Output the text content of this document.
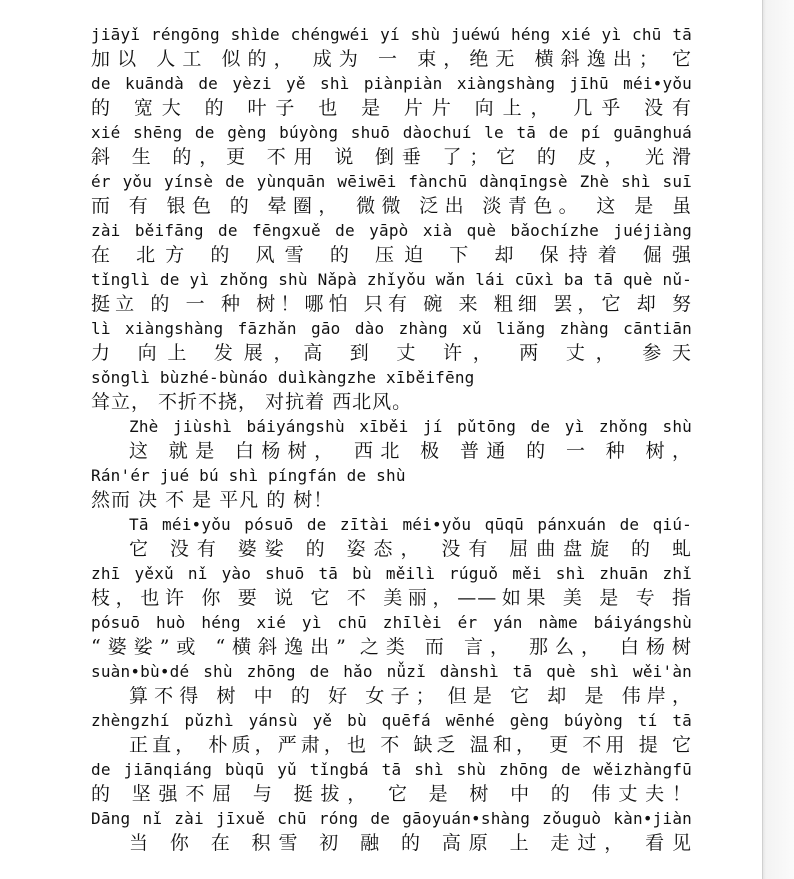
jiāyǐ réngōng shìde chéngwéi yí shù juéwú héng xié yì chū tā
加以 人工 似的， 成为 一 束，绝无 横斜逸出； 它
de kuāndà de yèzi yě shì piànpiàn xiàngshàng jīhū méi•yǒu
的 宽大 的 叶子 也 是 片片 向上， 几乎 没有
xié shēng de gèng búyòng shuō dàochuí le tā de pí guānghuá
斜 生 的，更 不用 说 倒垂 了；它 的 皮， 光滑
ér yǒu yínsè de yùnquān wēiwēi fànchū dànqīngsè Zhè shì suī
而 有 银色 的 晕圈， 微微 泛出 淡青色。 这 是 虽
zài běifāng de fēngxuě de yāpò xià què bǎochízhe juéjiàng
在 北方 的 风雪 的 压迫 下 却 保持着 倔强
tǐnglì de yì zhǒng shù Nǎpà zhǐyǒu wǎn lái cūxì ba tā què nǔ-
挺立 的 一 种 树！哪怕 只有 碗 来 粗细 罢，它 却 努
lì xiàngshàng fāzhǎn gāo dào zhàng xǔ liǎng zhàng cāntiān
力 向上 发展，高 到 丈 许， 两 丈， 参天
sǒnglì bùzhé-bùnáo duìkàngzhe xīběifēng
耸立， 不折不挠， 对抗着 西北风。
Zhè jiùshì báiyángshù xīběi jí pǔtōng de yì zhǒng shù
这 就是 白杨树， 西北 极 普通 的 一 种 树，
Rán'ér jué bú shì píngfán de shù
然而 决 不 是 平凡 的 树！
Tā méi•yǒu pósuō de zītài méi•yǒu qūqū pánxuán de qiú-
它 没有 婆娑 的 姿态， 没有 屈曲盘旋 的 虬
zhī yěxǔ nǐ yào shuō tā bù měilì rúguǒ měi shì zhuān zhǐ
枝，也许 你 要 说 它 不 美丽，——如果 美 是 专 指
pósuō huò héng xié yì chū zhīlèi ér yán nàme báiyángshù
“婆娑”或 “横斜逸出” 之类 而 言， 那么， 白杨树
suàn•bù•dé shù zhōng de hǎo nǚzǐ dànshì tā què shì wěi'àn
算不得 树 中 的 好 女子； 但是 它 却 是 伟岸，
zhèngzhí pǔzhì yánsù yě bù quēfá wēnhé gèng búyòng tí tā
正直， 朴质，严肃，也 不 缺乏 温和， 更 不用 提 它
de jiānqiáng bùqū yǔ tǐngbá tā shì shù zhōng de wěizhàngfū
的 坚强不屈 与 挺拔， 它 是 树 中 的 伟丈夫！
Dāng nǐ zài jīxuě chū róng de gāoyuán•shàng zǒuguò kàn•jiàn
当 你 在 积雪 初 融 的 高原 上 走过， 看见
